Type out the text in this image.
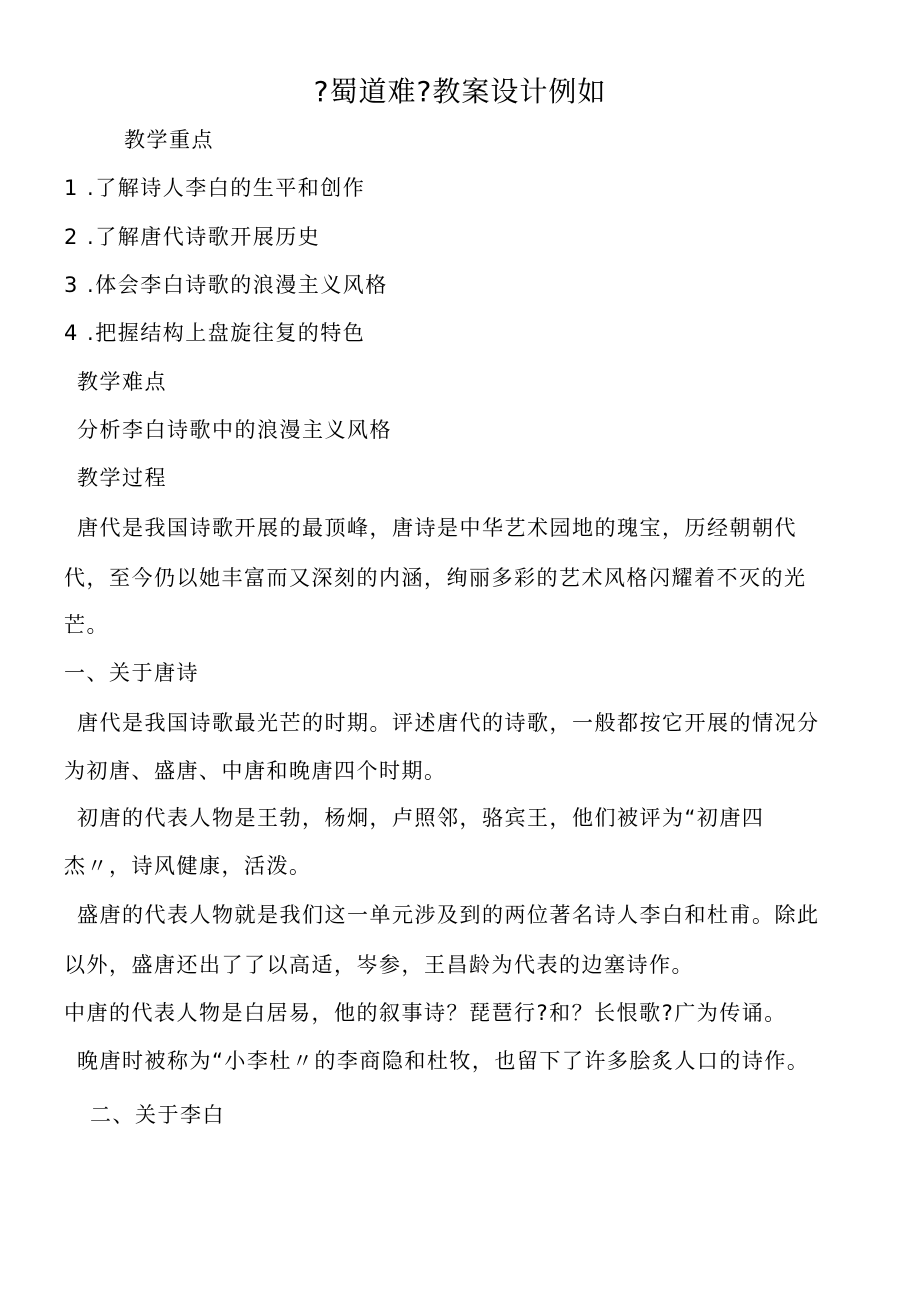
?蜀道难?教案设计例如
教学重点
1 .了解诗人李白的生平和创作
2 .了解唐代诗歌开展历史
3 .体会李白诗歌的浪漫主义风格
4 .把握结构上盘旋往复的特色
教学难点
分析李白诗歌中的浪漫主义风格
教学过程
唐代是我国诗歌开展的最顶峰，唐诗是中华艺术园地的瑰宝，历经朝朝代
代，至今仍以她丰富而又深刻的内涵，绚丽多彩的艺术风格闪耀着不灭的光
芒。
一、关于唐诗
唐代是我国诗歌最光芒的时期。评述唐代的诗歌，一般都按它开展的情况分
为初唐、盛唐、中唐和晚唐四个时期。
初唐的代表人物是王勃，杨炯，卢照邻，骆宾王，他们被评为“初唐四
杰〃，诗风健康，活泼。
盛唐的代表人物就是我们这一单元涉及到的两位著名诗人李白和杜甫。除此
以外，盛唐还出了了以高适，岑参，王昌龄为代表的边塞诗作。
中唐的代表人物是白居易，他的叙事诗？琵琶行?和？长恨歌?广为传诵。
晚唐时被称为“小李杜〃的李商隐和杜牧，也留下了许多脍炙人口的诗作。
二、关于李白
